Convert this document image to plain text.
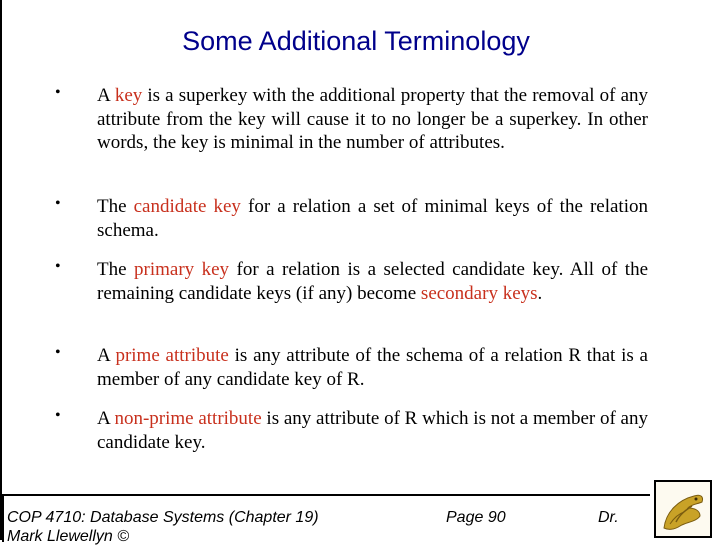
Some Additional Terminology
• A key is a superkey with the additional property that the removal of any attribute from the key will cause it to no longer be a superkey. In other words, the key is minimal in the number of attributes.
• The candidate key for a relation a set of minimal keys of the relation schema.
• The primary key for a relation is a selected candidate key. All of the remaining candidate keys (if any) become secondary keys.
• A prime attribute is any attribute of the schema of a relation R that is a member of any candidate key of R.
• A non-prime attribute is any attribute of R which is not a member of any candidate key.
COP 4710: Database Systems (Chapter 19)	Page 90	Dr.
Mark Llewellyn ©
